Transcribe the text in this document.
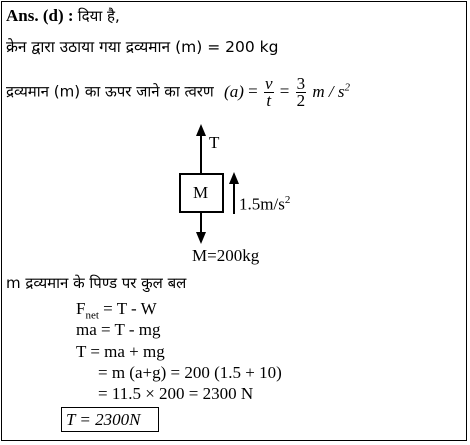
Ans. (d) : दिया है,
क्रेन द्वारा उठाया गया द्रव्यमान (m) = 200 kg
द्रव्यमान (m) का ऊपर जाने का त्वरण $(a) = \frac{v}{t} = \frac{3}{2}$ m / $s^2$
T
M
$1.5m/s^2$
M=200kg
m द्रव्यमान के पिण्ड पर कुल बल
$F_{net} = T - W$
ma = T - mg
T = ma + mg
= m (a+g) = 200 (1.5 + 10)
= 11.5 × 200 = 2300 N
T = 2300N
